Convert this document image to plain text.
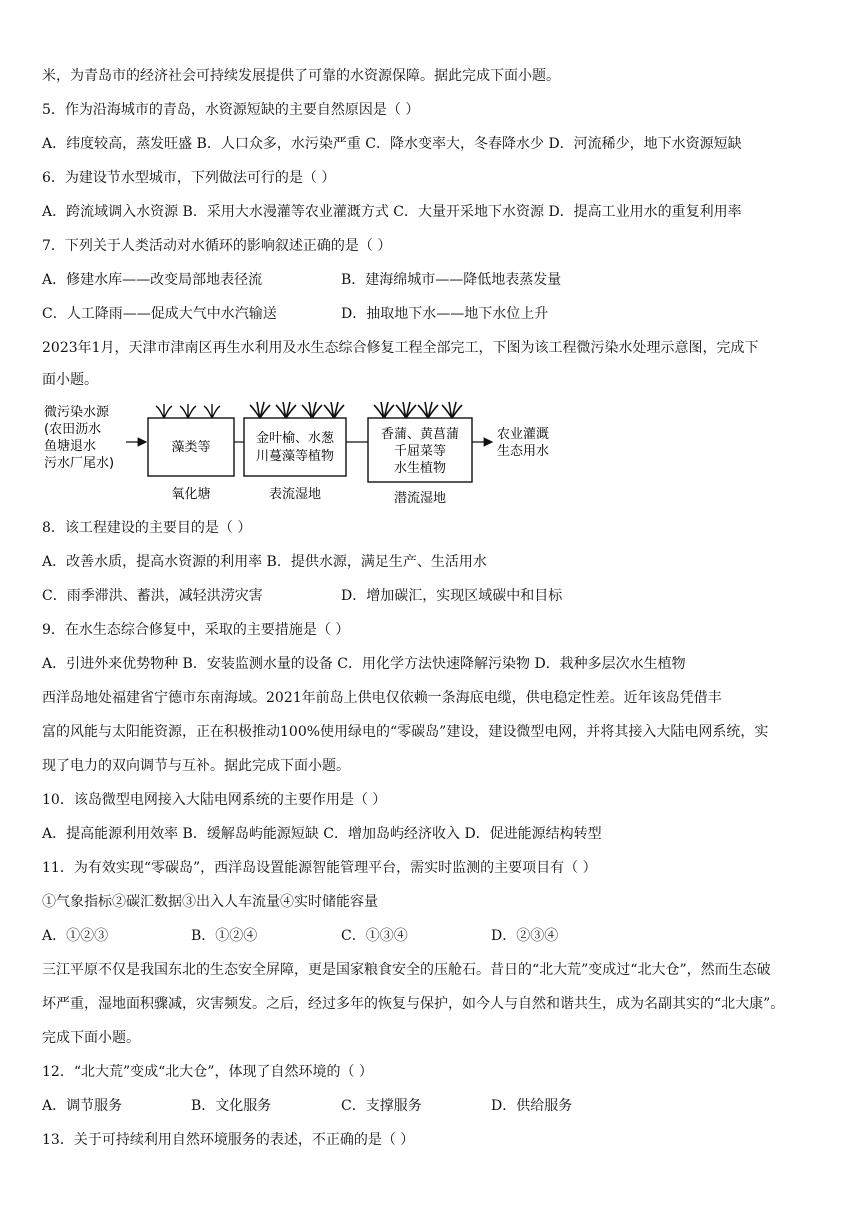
米，为青岛市的经济社会可持续发展提供了可靠的水资源保障。据此完成下面小题。
5．作为沿海城市的青岛，水资源短缺的主要自然原因是（ ）
A．纬度较高，蒸发旺盛 B．人口众多，水污染严重 C．降水变率大，冬春降水少 D．河流稀少，地下水资源短缺
6．为建设节水型城市，下列做法可行的是（ ）
A．跨流域调入水资源 B．采用大水漫灌等农业灌溉方式 C．大量开采地下水资源 D．提高工业用水的重复利用率
7．下列关于人类活动对水循环的影响叙述正确的是（ ）
A．修建水库——改变局部地表径流	B．建海绵城市——降低地表蒸发量
C．人工降雨——促成大气中水汽输送	D．抽取地下水——地下水位上升
2023年1月，天津市津南区再生水利用及水生态综合修复工程全部完工，下图为该工程微污染水处理示意图，完成下
面小题。
微污染水源
(农田沥水
鱼塘退水
污水厂尾水)
藻类等
氧化塘
金叶榆、水葱
川蔓藻等植物
表流湿地
香蒲、黄菖蒲
千屈菜等
水生植物
潜流湿地
农业灌溉
生态用水
8．该工程建设的主要目的是（ ）
A．改善水质，提高水资源的利用率 B．提供水源，满足生产、生活用水
C．雨季滞洪、蓄洪，减轻洪涝灾害	D．增加碳汇，实现区域碳中和目标
9．在水生态综合修复中，采取的主要措施是（ ）
A．引进外来优势物种 B．安装监测水量的设备 C．用化学方法快速降解污染物 D．栽种多层次水生植物
西洋岛地处福建省宁德市东南海域。2021年前岛上供电仅依赖一条海底电缆，供电稳定性差。近年该岛凭借丰
富的风能与太阳能资源，正在积极推动100%使用绿电的“零碳岛”建设，建设微型电网，并将其接入大陆电网系统，实
现了电力的双向调节与互补。据此完成下面小题。
10．该岛微型电网接入大陆电网系统的主要作用是（ ）
A．提高能源利用效率 B．缓解岛屿能源短缺 C．增加岛屿经济收入 D．促进能源结构转型
11．为有效实现“零碳岛”，西洋岛设置能源智能管理平台，需实时监测的主要项目有（ ）
①气象指标②碳汇数据③出入人车流量④实时储能容量
A．①②③	B．①②④	C．①③④	D．②③④
三江平原不仅是我国东北的生态安全屏障，更是国家粮食安全的压舱石。昔日的“北大荒”变成过“北大仓”，然而生态破
坏严重，湿地面积骤减，灾害频发。之后，经过多年的恢复与保护，如今人与自然和谐共生，成为名副其实的“北大康”。
完成下面小题。
12．“北大荒”变成“北大仓”，体现了自然环境的（ ）
A．调节服务	B．文化服务	C．支撑服务	D．供给服务
13．关于可持续利用自然环境服务的表述，不正确的是（ ）
